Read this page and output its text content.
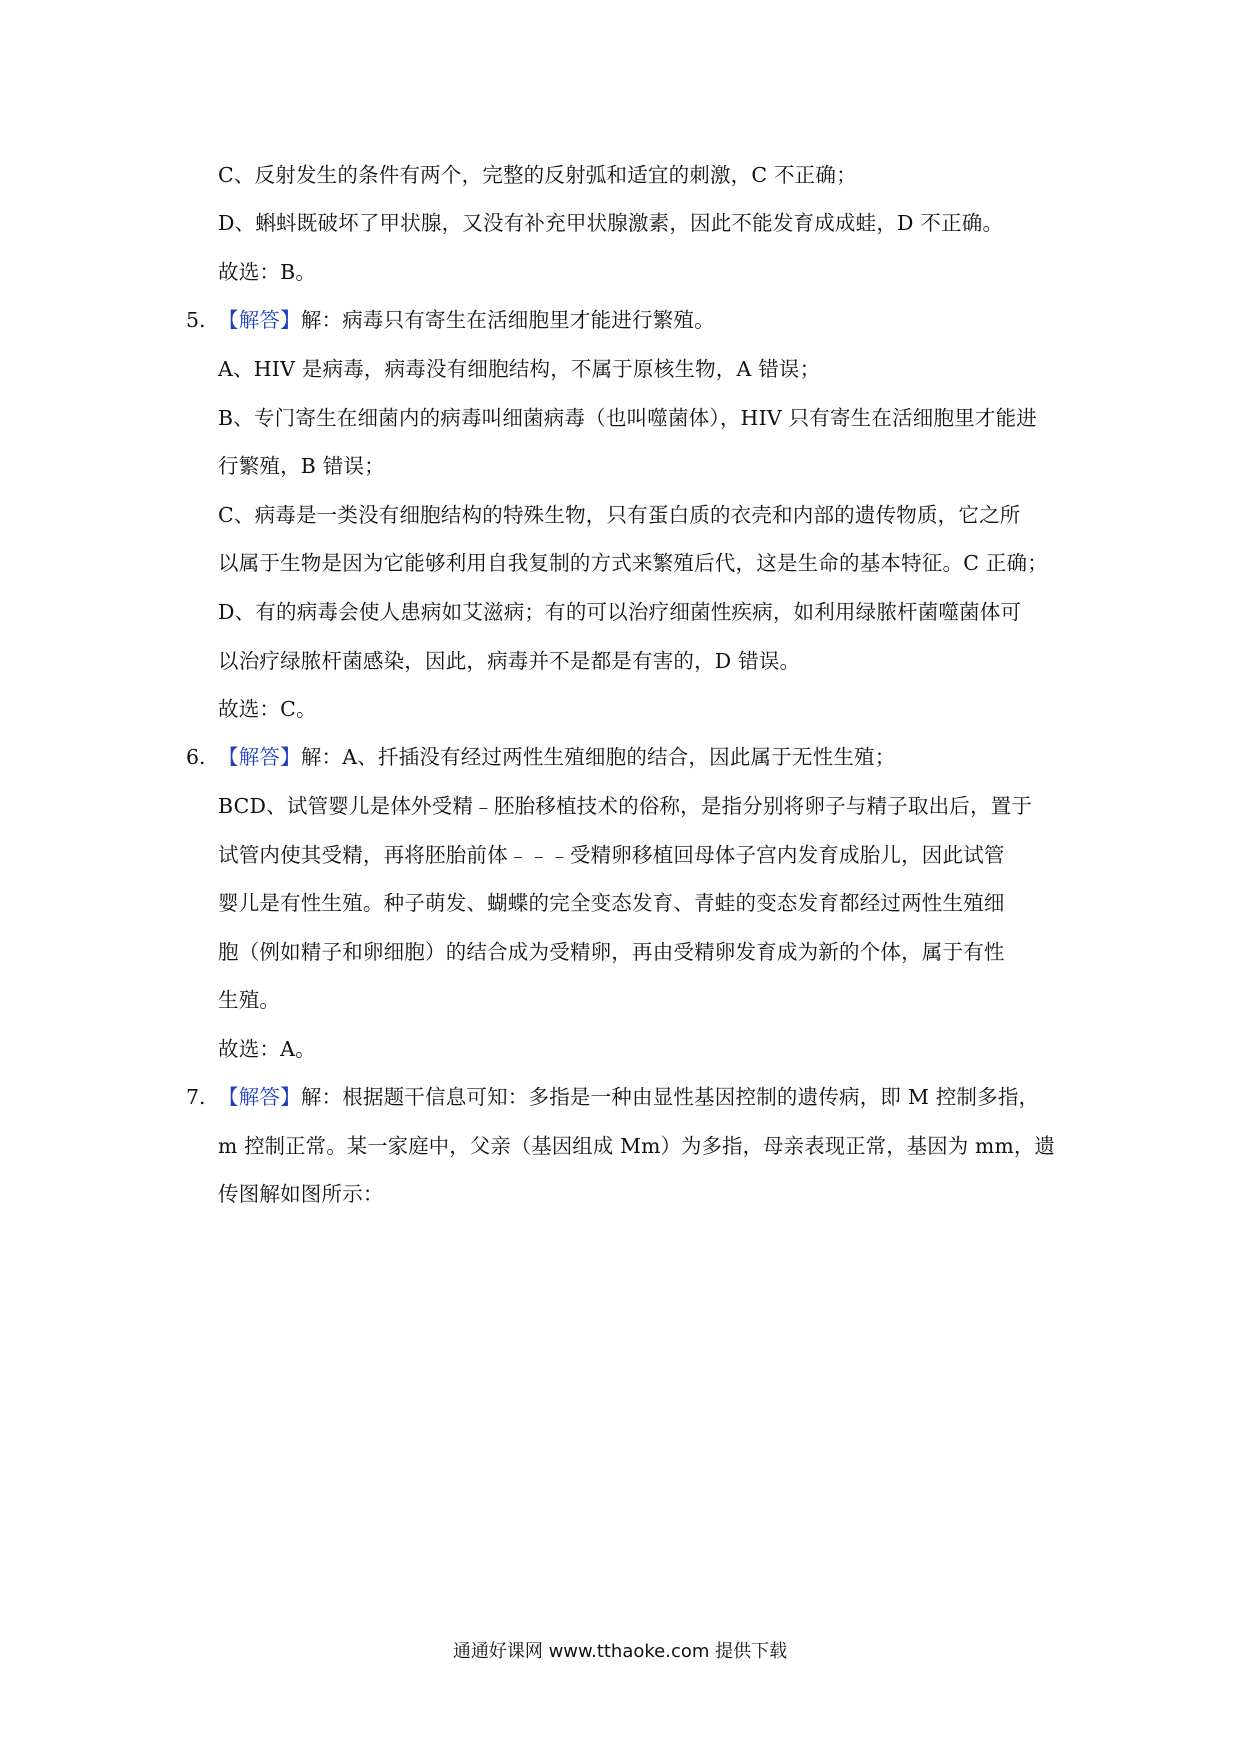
C、反射发生的条件有两个，完整的反射弧和适宜的刺激，C 不正确；
D、蝌蚪既破坏了甲状腺，又没有补充甲状腺激素，因此不能发育成成蛙，D 不正确。
故选：B。
5. 【解答】解：病毒只有寄生在活细胞里才能进行繁殖。
A、HIV 是病毒，病毒没有细胞结构，不属于原核生物，A 错误；
B、专门寄生在细菌内的病毒叫细菌病毒（也叫噬菌体），HIV 只有寄生在活细胞里才能进
行繁殖，B 错误；
C、病毒是一类没有细胞结构的特殊生物，只有蛋白质的衣壳和内部的遗传物质，它之所
以属于生物是因为它能够利用自我复制的方式来繁殖后代，这是生命的基本特征。C 正确；
D、有的病毒会使人患病如艾滋病；有的可以治疗细菌性疾病，如利用绿脓杆菌噬菌体可
以治疗绿脓杆菌感染，因此，病毒并不是都是有害的，D 错误。
故选：C。
6. 【解答】解：A、扦插没有经过两性生殖细胞的结合，因此属于无性生殖；
BCD、试管婴儿是体外受精﹣胚胎移植技术的俗称，是指分别将卵子与精子取出后，置于
试管内使其受精，再将胚胎前体﹣﹣﹣受精卵移植回母体子宫内发育成胎儿，因此试管
婴儿是有性生殖。种子萌发、蝴蝶的完全变态发育、青蛙的变态发育都经过两性生殖细
胞（例如精子和卵细胞）的结合成为受精卵，再由受精卵发育成为新的个体，属于有性
生殖。
故选：A。
7. 【解答】解：根据题干信息可知：多指是一种由显性基因控制的遗传病，即 M 控制多指，
m 控制正常。某一家庭中，父亲（基因组成 Mm）为多指，母亲表现正常，基因为 mm，遗
传图解如图所示：
通通好课网 www.tthaoke.com 提供下载
